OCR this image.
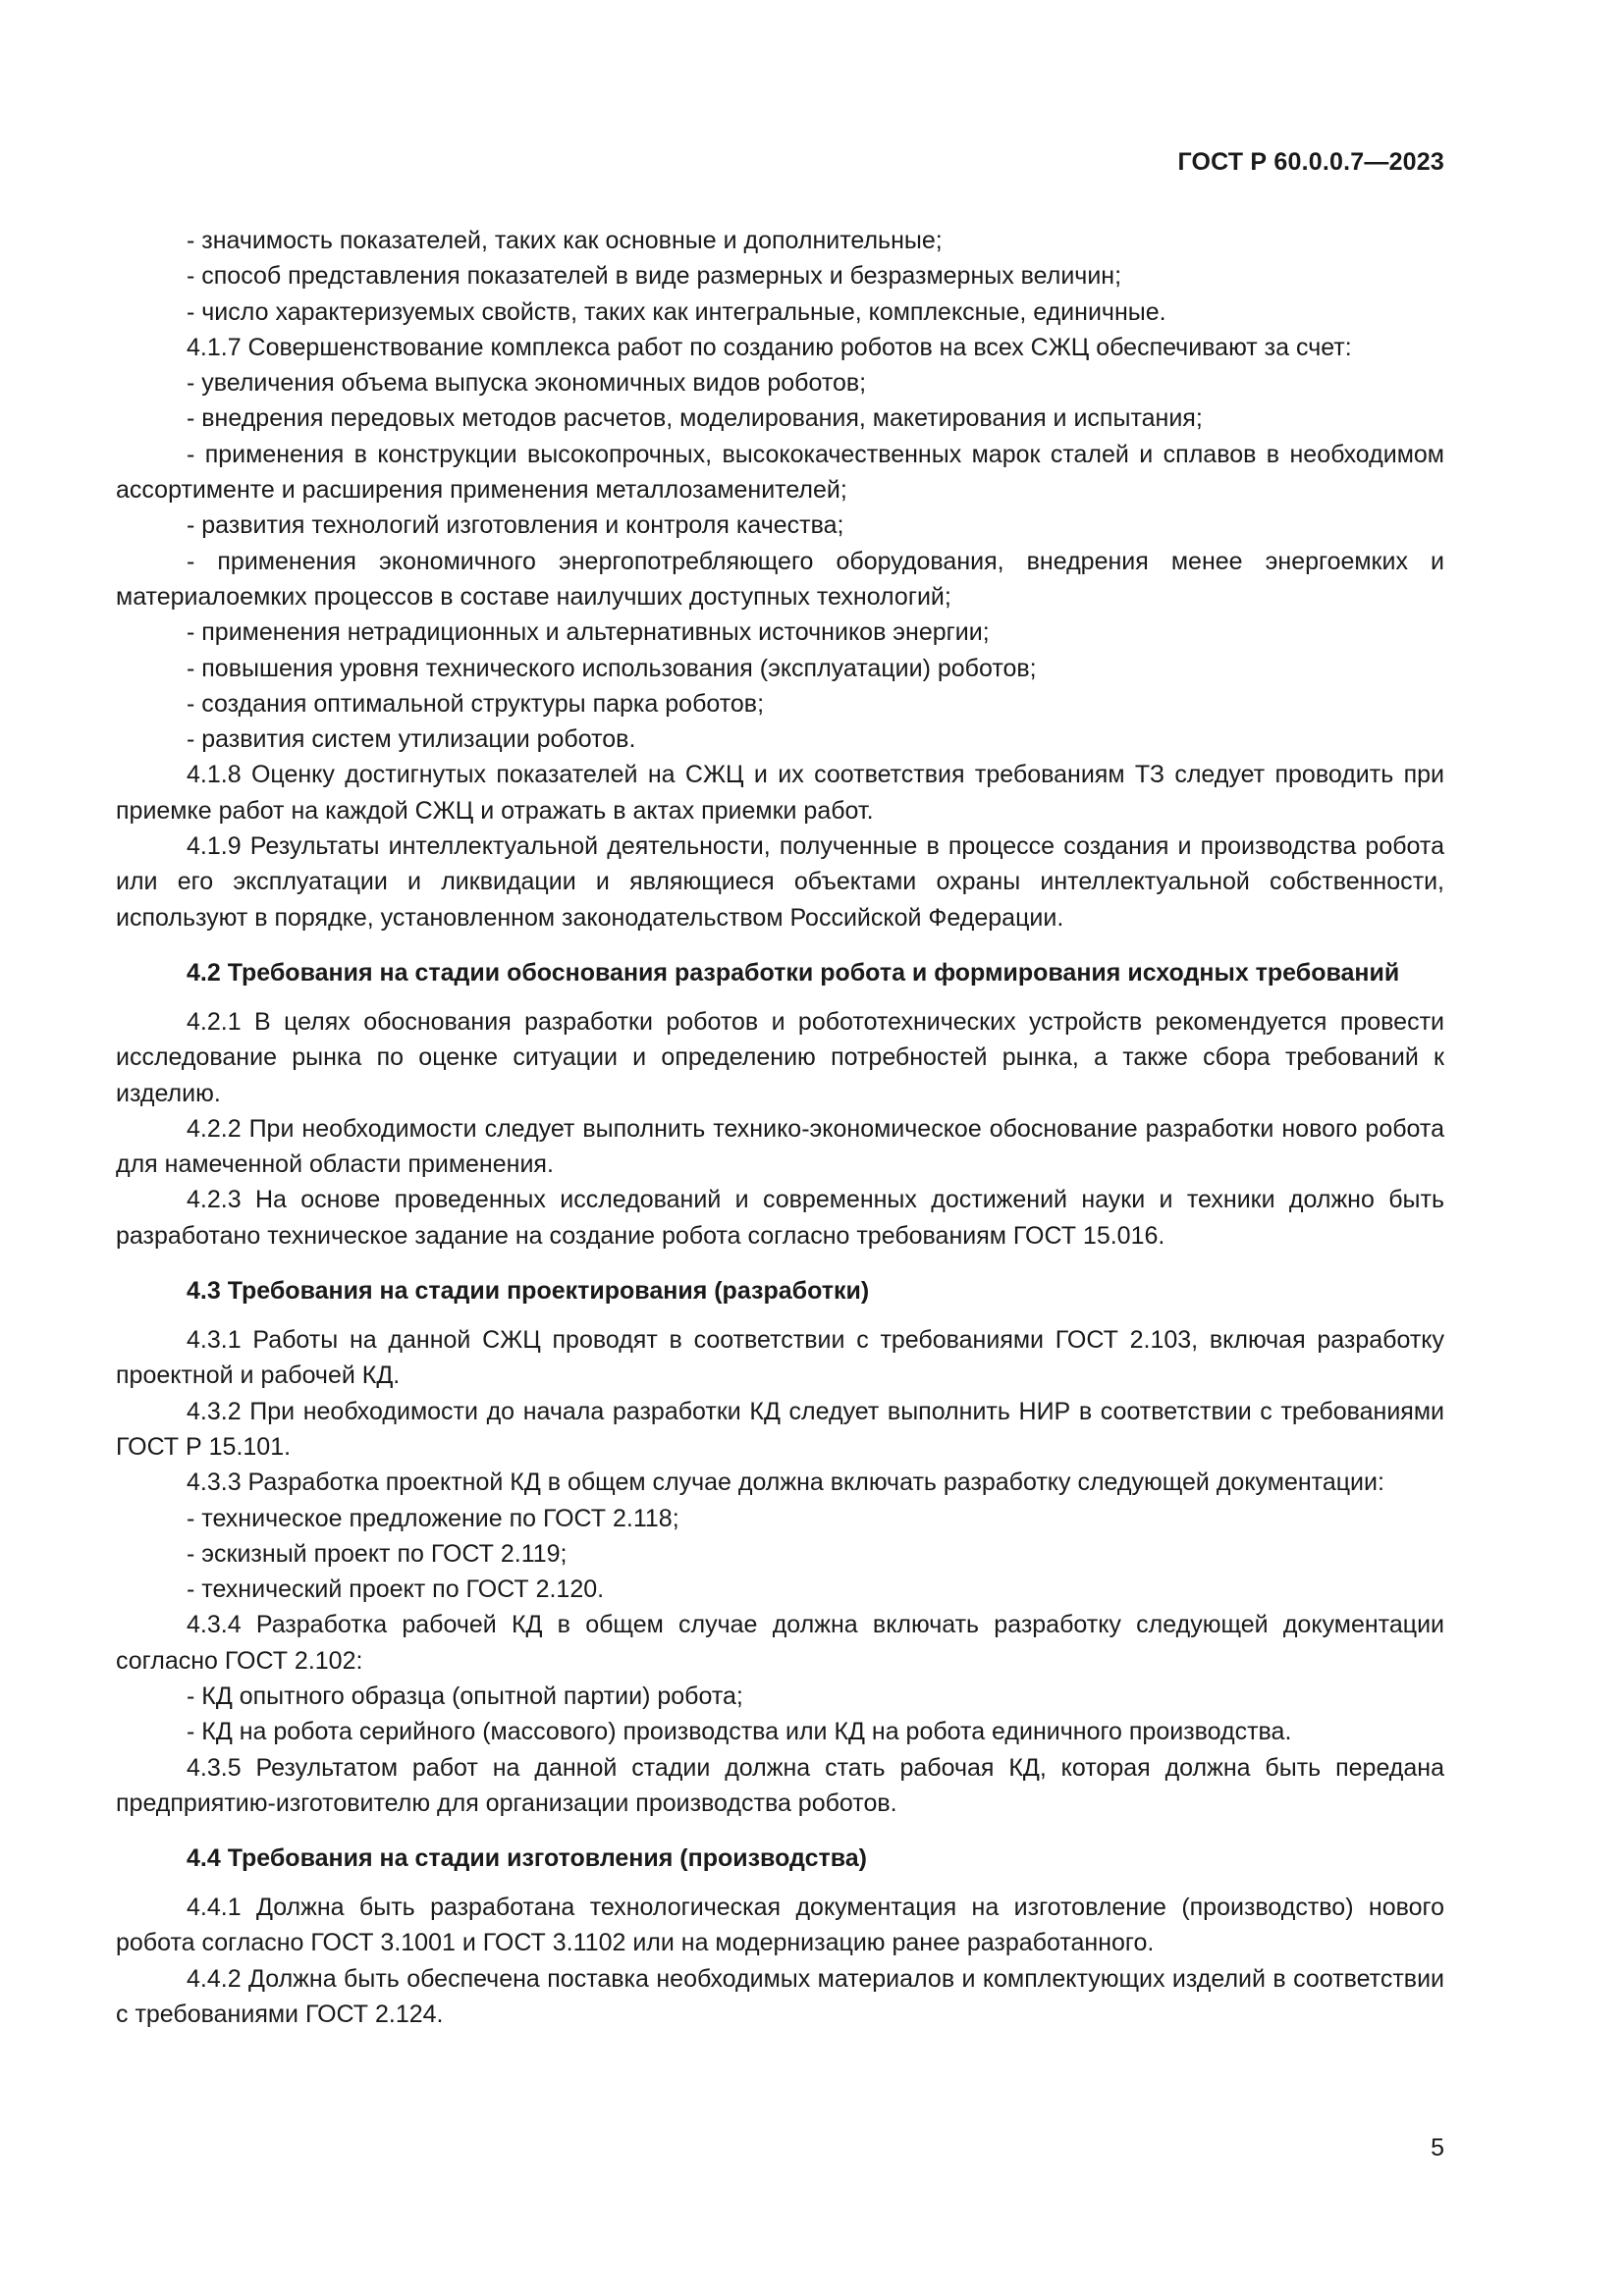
ГОСТ Р 60.0.0.7—2023

- значимость показателей, таких как основные и дополнительные;

- способ представления показателей в виде размерных и безразмерных величин;

- число характеризуемых свойств, таких как интегральные, комплексные, единичные.

4.1.7 Совершенствование комплекса работ по созданию роботов на всех СЖЦ обеспечивают за счет:

- увеличения объема выпуска экономичных видов роботов;

- внедрения передовых методов расчетов, моделирования, макетирования и испытания;

- применения в конструкции высокопрочных, высококачественных марок сталей и сплавов в необходимом ассортименте и расширения применения металлозаменителей;

- развития технологий изготовления и контроля качества;

- применения экономичного энергопотребляющего оборудования, внедрения менее энергоемких и материалоемких процессов в составе наилучших доступных технологий;

- применения нетрадиционных и альтернативных источников энергии;

- повышения уровня технического использования (эксплуатации) роботов;

- создания оптимальной структуры парка роботов;

- развития систем утилизации роботов.

4.1.8 Оценку достигнутых показателей на СЖЦ и их соответствия требованиям ТЗ следует проводить при приемке работ на каждой СЖЦ и отражать в актах приемки работ.

4.1.9 Результаты интеллектуальной деятельности, полученные в процессе создания и производства робота или его эксплуатации и ликвидации и являющиеся объектами охраны интеллектуальной собственности, используют в порядке, установленном законодательством Российской Федерации.

4.2 Требования на стадии обоснования разработки робота и формирования исходных требований

4.2.1 В целях обоснования разработки роботов и робототехнических устройств рекомендуется провести исследование рынка по оценке ситуации и определению потребностей рынка, а также сбора требований к изделию.

4.2.2 При необходимости следует выполнить технико-экономическое обоснование разработки нового робота для намеченной области применения.

4.2.3 На основе проведенных исследований и современных достижений науки и техники должно быть разработано техническое задание на создание робота согласно требованиям ГОСТ 15.016.

4.3 Требования на стадии проектирования (разработки)

4.3.1 Работы на данной СЖЦ проводят в соответствии с требованиями ГОСТ 2.103, включая разработку проектной и рабочей КД.

4.3.2 При необходимости до начала разработки КД следует выполнить НИР в соответствии с требованиями ГОСТ Р 15.101.

4.3.3 Разработка проектной КД в общем случае должна включать разработку следующей документации:

- техническое предложение по ГОСТ 2.118;

- эскизный проект по ГОСТ 2.119;

- технический проект по ГОСТ 2.120.

4.3.4 Разработка рабочей КД в общем случае должна включать разработку следующей документации согласно ГОСТ 2.102:

- КД опытного образца (опытной партии) робота;

- КД на робота серийного (массового) производства или КД на робота единичного производства.

4.3.5 Результатом работ на данной стадии должна стать рабочая КД, которая должна быть передана предприятию-изготовителю для организации производства роботов.

4.4 Требования на стадии изготовления (производства)

4.4.1 Должна быть разработана технологическая документация на изготовление (производство) нового робота согласно ГОСТ 3.1001 и ГОСТ 3.1102 или на модернизацию ранее разработанного.

4.4.2 Должна быть обеспечена поставка необходимых материалов и комплектующих изделий в соответствии с требованиями ГОСТ 2.124.

5
